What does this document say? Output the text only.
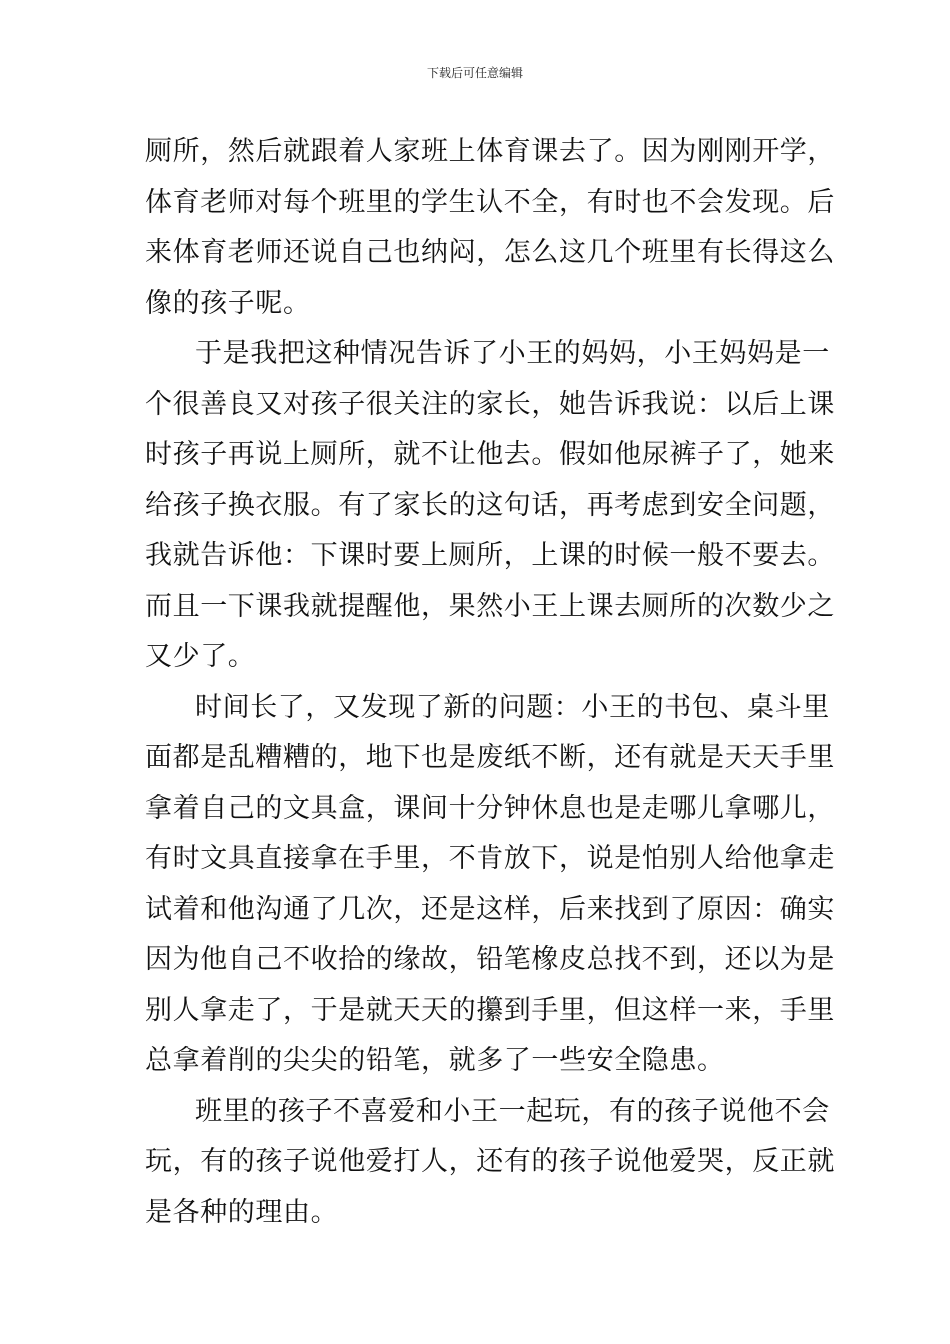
下载后可任意编辑
厕所，然后就跟着人家班上体育课去了。因为刚刚开学，
体育老师对每个班里的学生认不全，有时也不会发现。后
来体育老师还说自己也纳闷，怎么这几个班里有长得这么
像的孩子呢。
于是我把这种情况告诉了小王的妈妈，小王妈妈是一
个很善良又对孩子很关注的家长，她告诉我说：以后上课
时孩子再说上厕所，就不让他去。假如他尿裤子了，她来
给孩子换衣服。有了家长的这句话，再考虑到安全问题，
我就告诉他：下课时要上厕所，上课的时候一般不要去。
而且一下课我就提醒他，果然小王上课去厕所的次数少之
又少了。
时间长了，又发现了新的问题：小王的书包、桌斗里
面都是乱糟糟的，地下也是废纸不断，还有就是天天手里
拿着自己的文具盒，课间十分钟休息也是走哪儿拿哪儿，
有时文具直接拿在手里，不肯放下，说是怕别人给他拿走
试着和他沟通了几次，还是这样，后来找到了原因：确实
因为他自己不收拾的缘故，铅笔橡皮总找不到，还以为是
别人拿走了，于是就天天的攥到手里，但这样一来，手里
总拿着削的尖尖的铅笔，就多了一些安全隐患。
班里的孩子不喜爱和小王一起玩，有的孩子说他不会
玩，有的孩子说他爱打人，还有的孩子说他爱哭，反正就
是各种的理由。
